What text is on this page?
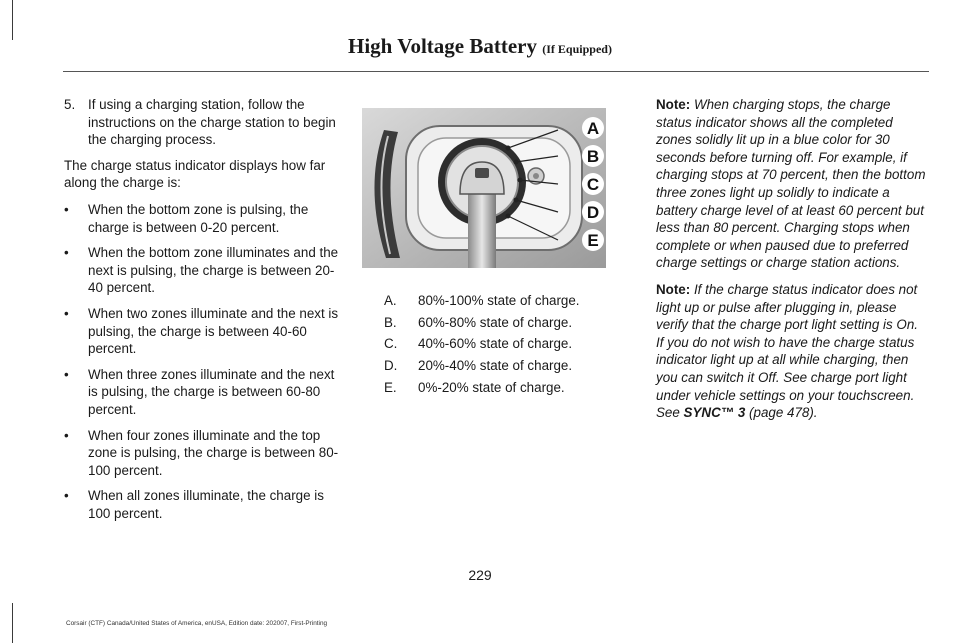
High Voltage Battery (If Equipped)
5. If using a charging station, follow the instructions on the charge station to begin the charging process.

The charge status indicator displays how far along the charge is:

•	When the bottom zone is pulsing, the charge is between 0-20 percent.
•	When the bottom zone illuminates and the next is pulsing, the charge is between 20-40 percent.
•	When two zones illuminate and the next is pulsing, the charge is between 40-60 percent.
•	When three zones illuminate and the next is pulsing, the charge is between 60-80 percent.
•	When four zones illuminate and the top zone is pulsing, the charge is between 80-100 percent.
•	When all zones illuminate, the charge is 100 percent.
A
B
C
D
E
A.	80%-100% state of charge.
B.	60%-80% state of charge.
C.	40%-60% state of charge.
D.	20%-40% state of charge.
E.	0%-20% state of charge.

Note: When charging stops, the charge status indicator shows all the completed zones solidly lit up in a blue color for 30 seconds before turning off. For example, if charging stops at 70 percent, then the bottom three zones light up solidly to indicate a battery charge level of at least 60 percent but less than 80 percent. Charging stops when complete or when paused due to preferred charge settings or charge station actions.

Note: If the charge status indicator does not light up or pulse after plugging in, please verify that the charge port light setting is On. If you do not wish to have the charge status indicator light up at all while charging, then you can switch it Off. See charge port light under vehicle settings on your touchscreen. See SYNC™ 3 (page 478).

229
Corsair (CTF) Canada/United States of America, enUSA, Edition date: 202007, First-Printing
